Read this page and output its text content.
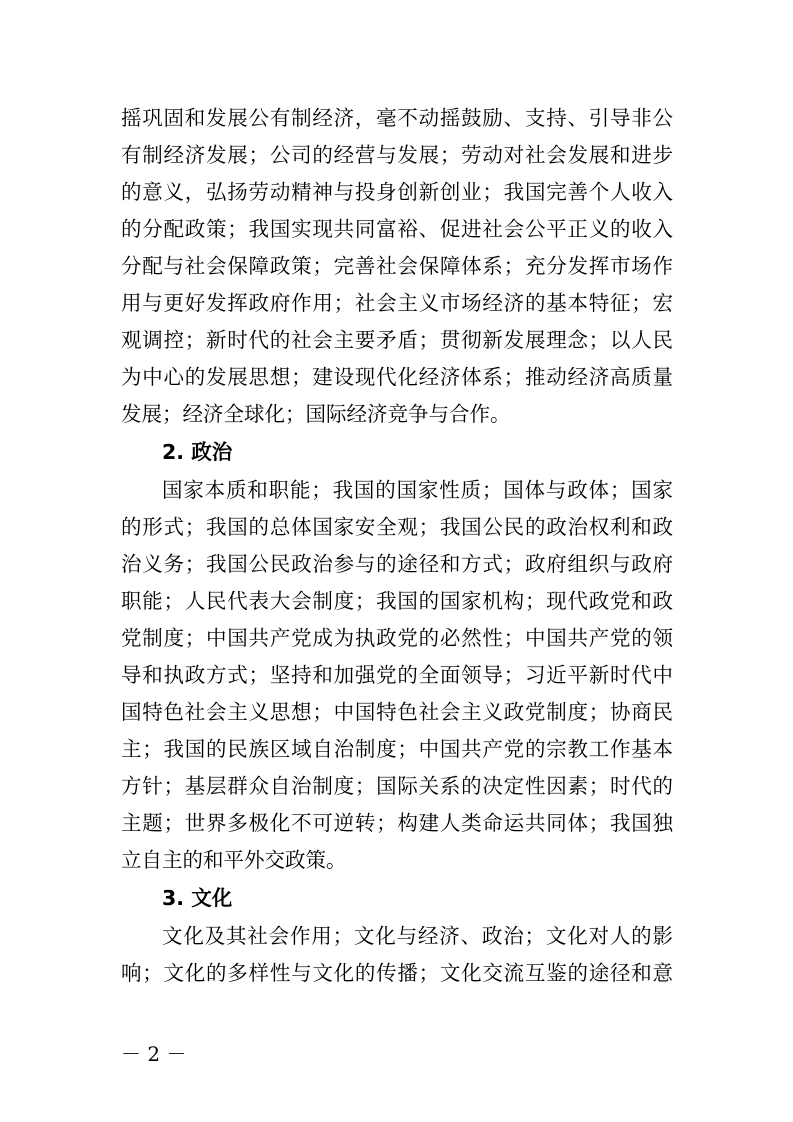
摇巩固和发展公有制经济，毫不动摇鼓励、支持、引导非公
有制经济发展；公司的经营与发展；劳动对社会发展和进步
的意义，弘扬劳动精神与投身创新创业；我国完善个人收入
的分配政策；我国实现共同富裕、促进社会公平正义的收入
分配与社会保障政策；完善社会保障体系；充分发挥市场作
用与更好发挥政府作用；社会主义市场经济的基本特征；宏
观调控；新时代的社会主要矛盾；贯彻新发展理念；以人民
为中心的发展思想；建设现代化经济体系；推动经济高质量
发展；经济全球化；国际经济竞争与合作。
2. 政治
国家本质和职能；我国的国家性质；国体与政体；国家
的形式；我国的总体国家安全观；我国公民的政治权利和政
治义务；我国公民政治参与的途径和方式；政府组织与政府
职能；人民代表大会制度；我国的国家机构；现代政党和政
党制度；中国共产党成为执政党的必然性；中国共产党的领
导和执政方式；坚持和加强党的全面领导；习近平新时代中
国特色社会主义思想；中国特色社会主义政党制度；协商民
主；我国的民族区域自治制度；中国共产党的宗教工作基本
方针；基层群众自治制度；国际关系的决定性因素；时代的
主题；世界多极化不可逆转；构建人类命运共同体；我国独
立自主的和平外交政策。
3. 文化
文化及其社会作用；文化与经济、政治；文化对人的影
响；文化的多样性与文化的传播；文化交流互鉴的途径和意
－ 2 －
